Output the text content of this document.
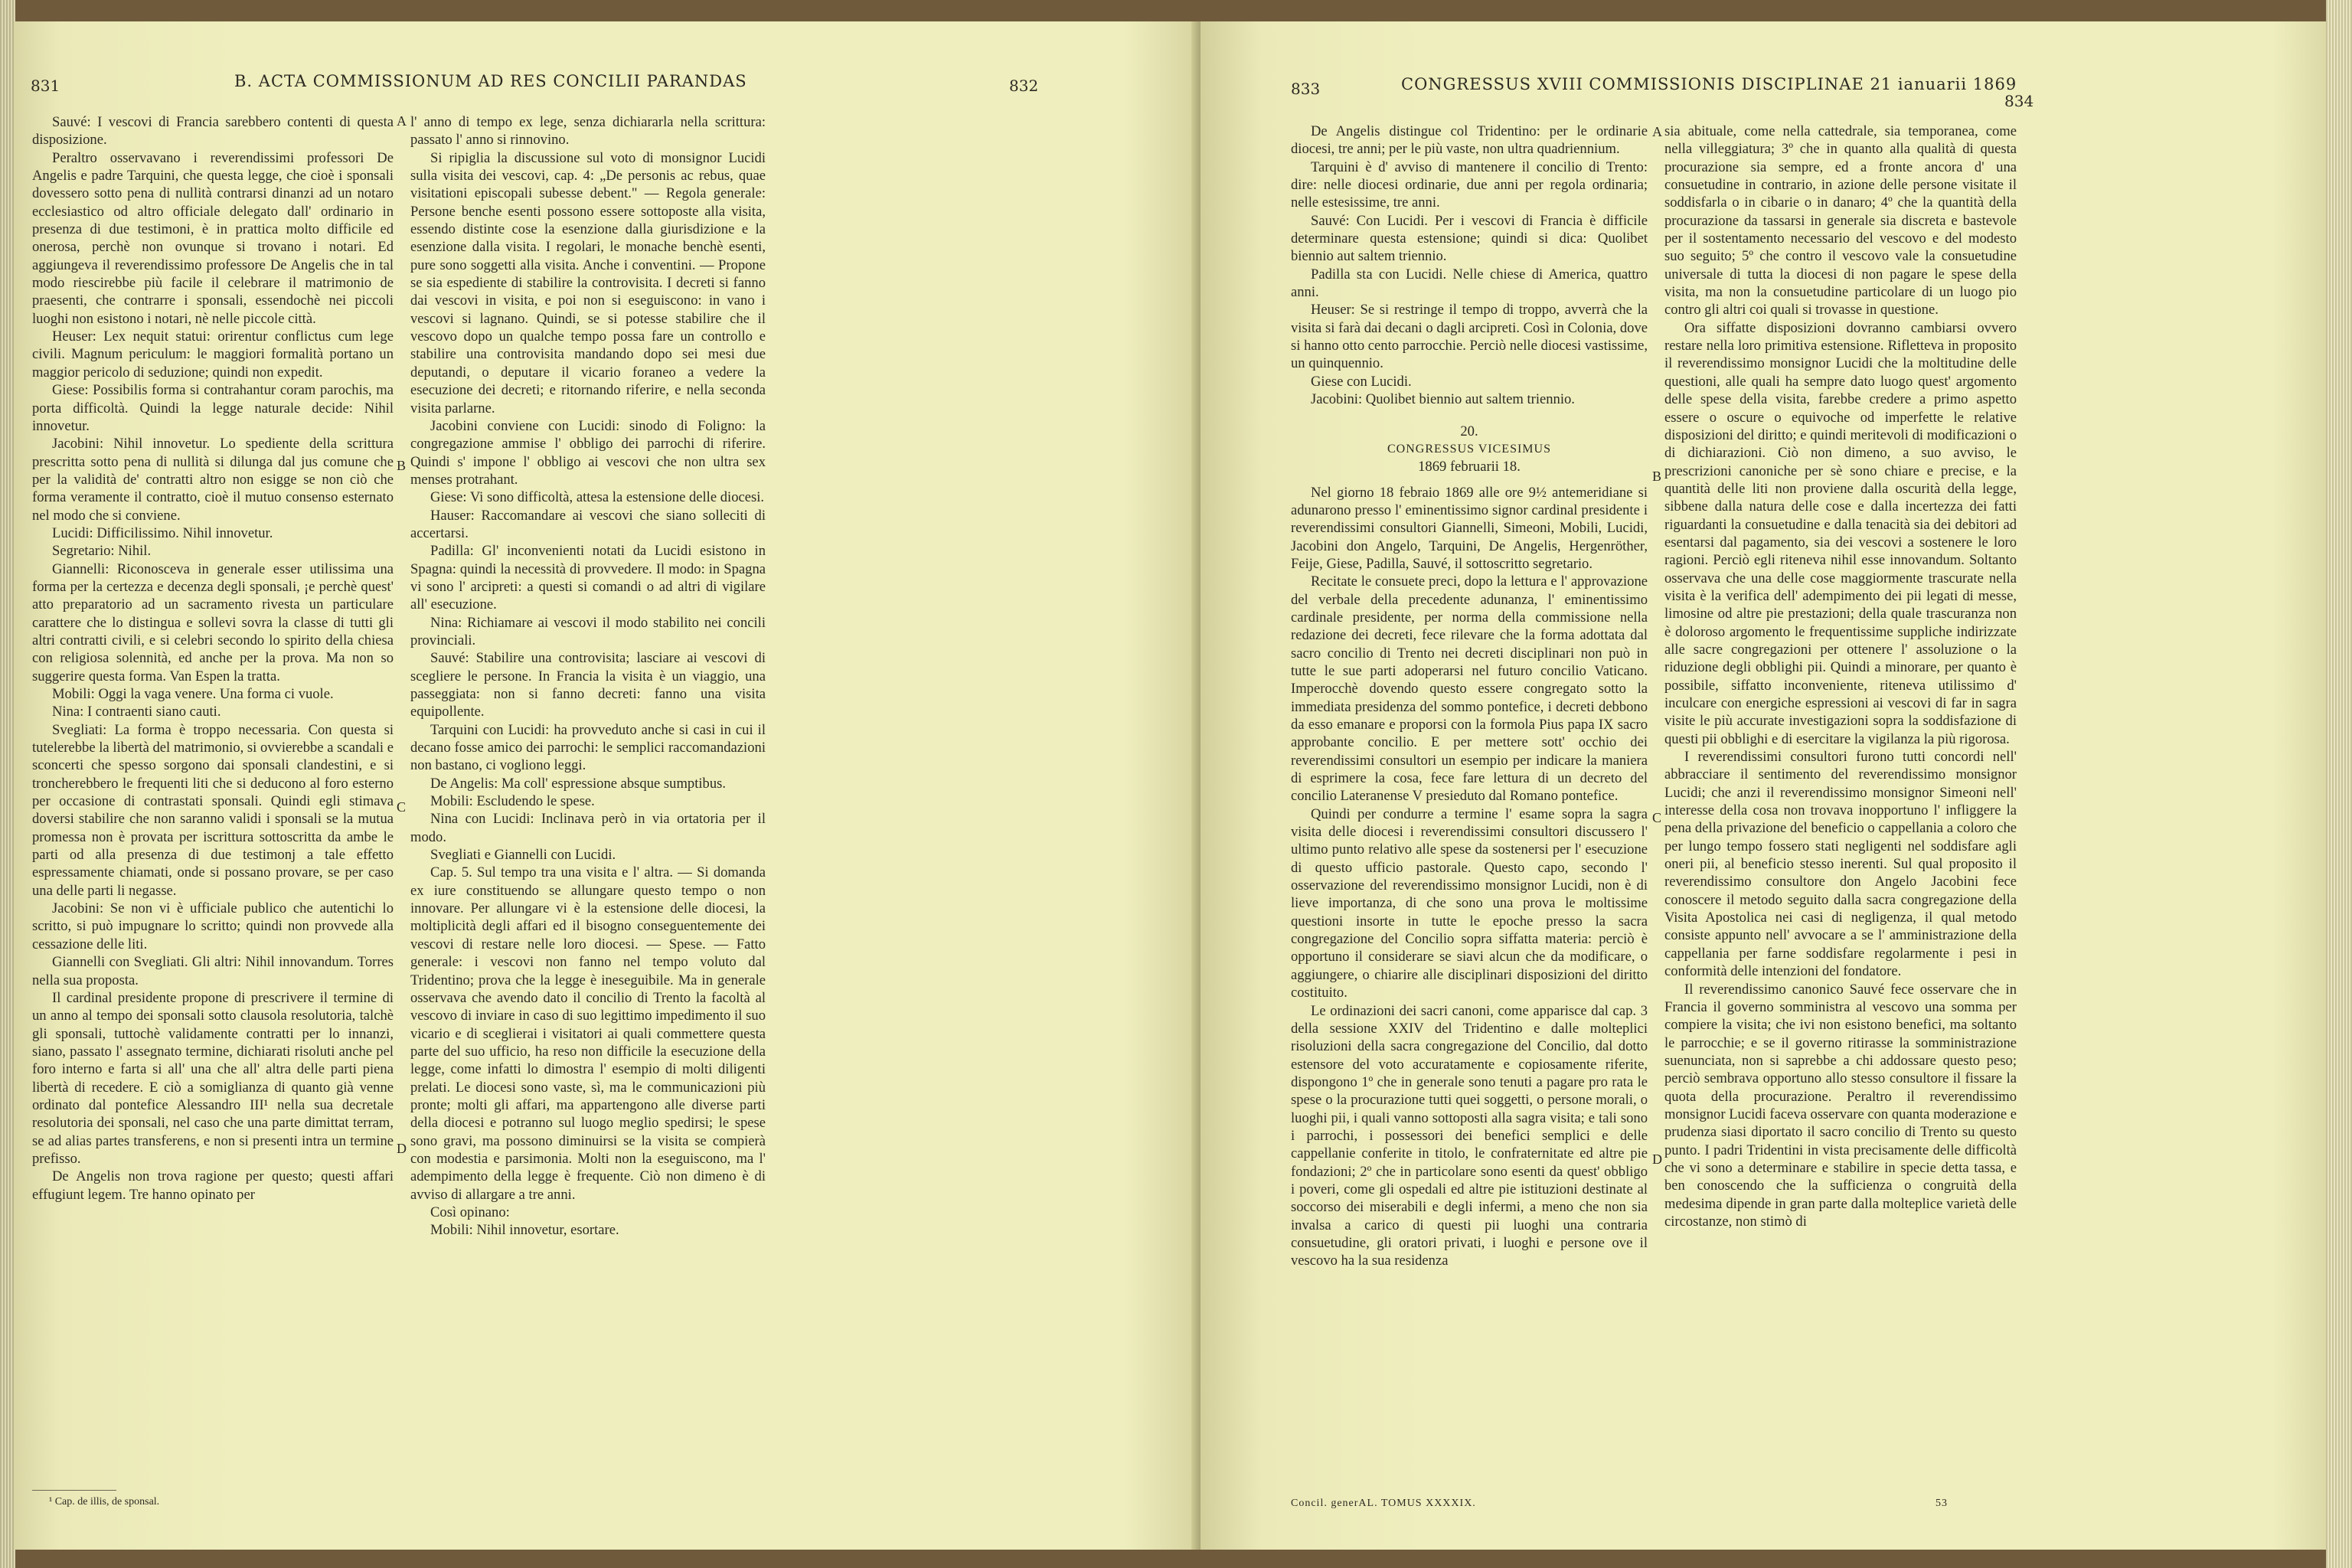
831	B. ACTA COMMISSIONUM AD RES CONCILII PARANDAS	832

Sauvé: I vescovi di Francia sarebbero contenti di questa disposizione.

Peraltro osservavano i reverendissimi professori De Angelis e padre Tarquini, che questa legge, che cioè i sponsali dovessero sotto pena di nullità contrarsi dinanzi ad un notaro ecclesiastico od altro officiale delegato dall' ordinario in presenza di due testimoni, è in prattica molto difficile ed onerosa, perchè non ovunque si trovano i notari. Ed aggiungeva il reverendissimo professore De Angelis che in tal modo riescirebbe più facile il celebrare il matrimonio de praesenti, che contrarre i sponsali, essendochè nei piccoli luoghi non esistono i notari, nè nelle piccole città.

Heuser: Lex nequit statui: orirentur conflictus cum lege civili. Magnum periculum: le maggiori formalità portano un maggior pericolo di seduzione; quindi non expedit.

Giese: Possibilis forma si contrahantur coram parochis, ma porta difficoltà. Quindi la legge naturale decide: Nihil innovetur.

Jacobini: Nihil innovetur. Lo spediente della scrittura prescritta sotto pena di nullità si dilunga dal jus comune che per la validità de' contratti altro non esigge se non ciò che forma veramente il contratto, cioè il mutuo consenso esternato nel modo che si conviene.

Lucidi: Difficilissimo. Nihil innovetur.

Segretario: Nihil.

Giannelli: Riconosceva in generale esser utilissima una forma per la certezza e decenza degli sponsali, ¡e perchè quest' atto preparatorio ad un sacramento rivesta un particulare carattere che lo distingua e sollevi sovra la classe di tutti gli altri contratti civili, e si celebri secondo lo spirito della chiesa con religiosa solennità, ed anche per la prova. Ma non so suggerire questa forma. Van Espen la tratta.

Mobili: Oggi la vaga venere. Una forma ci vuole.

Nina: I contraenti siano cauti.

Svegliati: La forma è troppo necessaria. Con questa si tutelerebbe la libertà del matrimonio, si ovvierebbe a scandali e sconcerti che spesso sorgono dai sponsali clandestini, e si troncherebbero le frequenti liti che si deducono al foro esterno per occasione di contrastati sponsali. Quindi egli stimava doversi stabilire che non saranno validi i sponsali se la mutua promessa non è provata per iscrittura sottoscritta da ambe le parti od alla presenza di due testimonj a tale effetto espressamente chiamati, onde si possano provare, se per caso una delle parti li negasse.

Jacobini: Se non vi è ufficiale publico che autentichi lo scritto, si può impugnare lo scritto; quindi non provvede alla cessazione delle liti.

Giannelli con Svegliati. Gli altri: Nihil innovandum. Torres nella sua proposta.

Il cardinal presidente propone di prescrivere il termine di un anno al tempo dei sponsali sotto clausola resolutoria, talchè gli sponsali, tuttochè validamente contratti per lo innanzi, siano, passato l' assegnato termine, dichiarati risoluti anche pel foro interno e farta si all' una che all' altra delle parti piena libertà di recedere. E ciò a somiglianza di quanto già venne ordinato dal pontefice Alessandro III¹ nella sua decretale resolutoria dei sponsali, nel caso che una parte dimittat terram, se ad alias partes transferens, e non si presenti intra un termine prefisso.

De Angelis non trova ragione per questo; questi affari effugiunt legem. Tre hanno opinato per

A
B
C
D

l' anno di tempo ex lege, senza dichiararla nella scrittura: passato l' anno si rinnovino.

Si ripiglia la discussione sul voto di monsignor Lucidi sulla visita dei vescovi, cap. 4: „De personis ac rebus, quae visitationi episcopali subesse debent." — Regola generale: Persone benche esenti possono essere sottoposte alla visita, essendo distinte cose la esenzione dalla giurisdizione e la esenzione dalla visita. I regolari, le monache benchè esenti, pure sono soggetti alla visita. Anche i conventini. — Propone se sia espediente di stabilire la controvisita. I decreti si fanno dai vescovi in visita, e poi non si eseguiscono: in vano i vescovi si lagnano. Quindi, se si potesse stabilire che il vescovo dopo un qualche tempo possa fare un controllo e stabilire una controvisita mandando dopo sei mesi due deputandi, o deputare il vicario foraneo a vedere la esecuzione dei decreti; e ritornando riferire, e nella seconda visita parlarne.

Jacobini conviene con Lucidi: sinodo di Foligno: la congregazione ammise l' obbligo dei parrochi di riferire. Quindi s' impone l' obbligo ai vescovi che non ultra sex menses protrahant.

Giese: Vi sono difficoltà, attesa la estensione delle diocesi.

Hauser: Raccomandare ai vescovi che siano solleciti di accertarsi.

Padilla: Gl' inconvenienti notati da Lucidi esistono in Spagna: quindi la necessità di provvedere. Il modo: in Spagna vi sono l' arcipreti: a questi si comandi o ad altri di vigilare all' esecuzione.

Nina: Richiamare ai vescovi il modo stabilito nei concili provinciali.

Sauvé: Stabilire una controvisita; lasciare ai vescovi di scegliere le persone. In Francia la visita è un viaggio, una passeggiata: non si fanno decreti: fanno una visita equipollente.

Tarquini con Lucidi: ha provveduto anche si casi in cui il decano fosse amico dei parrochi: le semplici raccomandazioni non bastano, ci vogliono leggi.

De Angelis: Ma coll' espressione absque sumptibus.

Mobili: Escludendo le spese.

Nina con Lucidi: Inclinava però in via ortatoria per il modo.

Svegliati e Giannelli con Lucidi.

Cap. 5. Sul tempo tra una visita e l' altra. — Si domanda ex iure constituendo se allungare questo tempo o non innovare. Per allungare vi è la estensione delle diocesi, la moltiplicità degli affari ed il bisogno conseguentemente dei vescovi di restare nelle loro diocesi. — Spese. — Fatto generale: i vescovi non fanno nel tempo voluto dal Tridentino; prova che la legge è ineseguibile. Ma in generale osservava che avendo dato il concilio di Trento la facoltà al vescovo di inviare in caso di suo legittimo impedimento il suo vicario e di sceglierai i visitatori ai quali commettere questa parte del suo ufficio, ha reso non difficile la esecuzione della legge, come infatti lo dimostra l' esempio di molti diligenti prelati. Le diocesi sono vaste, sì, ma le communicazioni più pronte; molti gli affari, ma appartengono alle diverse parti della diocesi e potranno sul luogo meglio spedirsi; le spese sono gravi, ma possono diminuirsi se la visita se compierà con modestia e parsimonia. Molti non la eseguiscono, ma l' adempimento della legge è frequente. Ciò non dimeno è di avviso di allargare a tre anni.

Così opinano:

Mobili: Nihil innovetur, esortare.

¹ Cap. de illis, de sponsal.
833	CONGRESSUS XVIII COMMISSIONIS DISCIPLINAE 21 ianuarii 1869
834

De Angelis distingue col Tridentino: per le ordinarie diocesi, tre anni; per le più vaste, non ultra quadriennium.

Tarquini è d' avviso di mantenere il concilio di Trento: dire: nelle diocesi ordinarie, due anni per regola ordinaria; nelle estesissime, tre anni.

Sauvé: Con Lucidi. Per i vescovi di Francia è difficile determinare questa estensione; quindi si dica: Quolibet biennio aut saltem triennio.

Padilla sta con Lucidi. Nelle chiese di America, quattro anni.

Heuser: Se si restringe il tempo di troppo, avverrà che la visita si farà dai decani o dagli arcipreti. Così in Colonia, dove si hanno otto cento parrocchie. Perciò nelle diocesi vastissime, un quinquennio.

Giese con Lucidi.

Jacobini: Quolibet biennio aut saltem triennio.

20.

CONGRESSUS VICESIMUS

1869 februarii 18.

Nel giorno 18 febraio 1869 alle ore 9½ antemeridiane si adunarono presso l' eminentissimo signor cardinal presidente i reverendissimi consultori Giannelli, Simeoni, Mobili, Lucidi, Jacobini don Angelo, Tarquini, De Angelis, Hergenröther, Feije, Giese, Padilla, Sauvé, il sottoscritto segretario.

Recitate le consuete preci, dopo la lettura e l' approvazione del verbale della precedente adunanza, l' eminentissimo cardinale presidente, per norma della commissione nella redazione dei decreti, fece rilevare che la forma adottata dal sacro concilio di Trento nei decreti disciplinari non può in tutte le sue parti adoperarsi nel futuro concilio Vaticano. Imperocchè dovendo questo essere congregato sotto la immediata presidenza del sommo pontefice, i decreti debbono da esso emanare e proporsi con la formola Pius papa IX sacro approbante concilio. E per mettere sott' occhio dei reverendissimi consultori un esempio per indicare la maniera di esprimere la cosa, fece fare lettura di un decreto del concilio Lateranense V presieduto dal Romano pontefice.

Quindi per condurre a termine l' esame sopra la sagra visita delle diocesi i reverendissimi consultori discussero l' ultimo punto relativo alle spese da sostenersi per l' esecuzione di questo ufficio pastorale. Questo capo, secondo l' osservazione del reverendissimo monsignor Lucidi, non è di lieve importanza, di che sono una prova le moltissime questioni insorte in tutte le epoche presso la sacra congregazione del Concilio sopra siffatta materia: perciò è opportuno il considerare se siavi alcun che da modificare, o aggiungere, o chiarire alle disciplinari disposizioni del diritto costituito.

Le ordinazioni dei sacri canoni, come apparisce dal cap. 3 della sessione XXIV del Tridentino e dalle molteplici risoluzioni della sacra congregazione del Concilio, dal dotto estensore del voto accuratamente e copiosamente riferite, dispongono 1º che in generale sono tenuti a pagare pro rata le spese o la procurazione tutti quei soggetti, o persone morali, o luoghi pii, i quali vanno sottoposti alla sagra visita; e tali sono i parrochi, i possessori dei benefici semplici e delle cappellanie conferite in titolo, le confraternitate ed altre pie fondazioni; 2º che in particolare sono esenti da quest' obbligo i poveri, come gli ospedali ed altre pie istituzioni destinate al soccorso dei miserabili e degli infermi, a meno che non sia invalsa a carico di questi pii luoghi una contraria consuetudine, gli oratori privati, i luoghi e persone ove il vescovo ha la sua residenza

A
B
C
D

sia abituale, come nella cattedrale, sia temporanea, come nella villeggiatura; 3º che in quanto alla qualità di questa procurazione sia sempre, ed a fronte ancora d' una consuetudine in contrario, in azione delle persone visitate il soddisfarla o in cibarie o in danaro; 4º che la quantità della procurazione da tassarsi in generale sia discreta e bastevole per il sostentamento necessario del vescovo e del modesto suo seguito; 5º che contro il vescovo vale la consuetudine universale di tutta la diocesi di non pagare le spese della visita, ma non la consuetudine particolare di un luogo pio contro gli altri coi quali si trovasse in questione.

Ora siffatte disposizioni dovranno cambiarsi ovvero restare nella loro primitiva estensione. Rifletteva in proposito il reverendissimo monsignor Lucidi che la moltitudine delle questioni, alle quali ha sempre dato luogo quest' argomento delle spese della visita, farebbe credere a primo aspetto essere o oscure o equivoche od imperfette le relative disposizioni del diritto; e quindi meritevoli di modificazioni o di dichiarazioni. Ciò non dimeno, a suo avviso, le prescrizioni canoniche per sè sono chiare e precise, e la quantità delle liti non proviene dalla oscurità della legge, sibbene dalla natura delle cose e dalla incertezza dei fatti riguardanti la consuetudine e dalla tenacità sia dei debitori ad esentarsi dal pagamento, sia dei vescovi a sostenere le loro ragioni. Perciò egli riteneva nihil esse innovandum. Soltanto osservava che una delle cose maggiormente trascurate nella visita è la verifica dell' adempimento dei pii legati di messe, limosine od altre pie prestazioni; della quale trascuranza non è doloroso argomento le frequentissime suppliche indirizzate alle sacre congregazioni per ottenere l' assoluzione o la riduzione degli obblighi pii. Quindi a minorare, per quanto è possibile, siffatto inconveniente, riteneva utilissimo d' inculcare con energiche espressioni ai vescovi di far in sagra visite le più accurate investigazioni sopra la soddisfazione di questi pii obblighi e di esercitare la vigilanza la più rigorosa.

I reverendissimi consultori furono tutti concordi nell' abbracciare il sentimento del reverendissimo monsignor Lucidi; che anzi il reverendissimo monsignor Simeoni nell' interesse della cosa non trovava inopportuno l' infliggere la pena della privazione del beneficio o cappellania a coloro che per lungo tempo fossero stati negligenti nel soddisfare agli oneri pii, al beneficio stesso inerenti. Sul qual proposito il reverendissimo consultore don Angelo Jacobini fece conoscere il metodo seguito dalla sacra congregazione della Visita Apostolica nei casi di negligenza, il qual metodo consiste appunto nell' avvocare a se l' amministrazione della cappellania per farne soddisfare regolarmente i pesi in conformità delle intenzioni del fondatore.

Il reverendissimo canonico Sauvé fece osservare che in Francia il governo somministra al vescovo una somma per compiere la visita; che ivi non esistono benefici, ma soltanto le parrocchie; e se il governo ritirasse la somministrazione suenunciata, non si saprebbe a chi addossare questo peso; perciò sembrava opportuno allo stesso consultore il fissare la quota della procurazione. Peraltro il reverendissimo monsignor Lucidi faceva osservare con quanta moderazione e prudenza siasi diportato il sacro concilio di Trento su questo punto. I padri Tridentini in vista precisamente delle difficoltà che vi sono a determinare e stabilire in specie detta tassa, e ben conoscendo che la sufficienza o congruità della medesima dipende in gran parte dalla molteplice varietà delle circostanze, non stimò di

Concil. generAL. TOMUS XXXXIX.	53
